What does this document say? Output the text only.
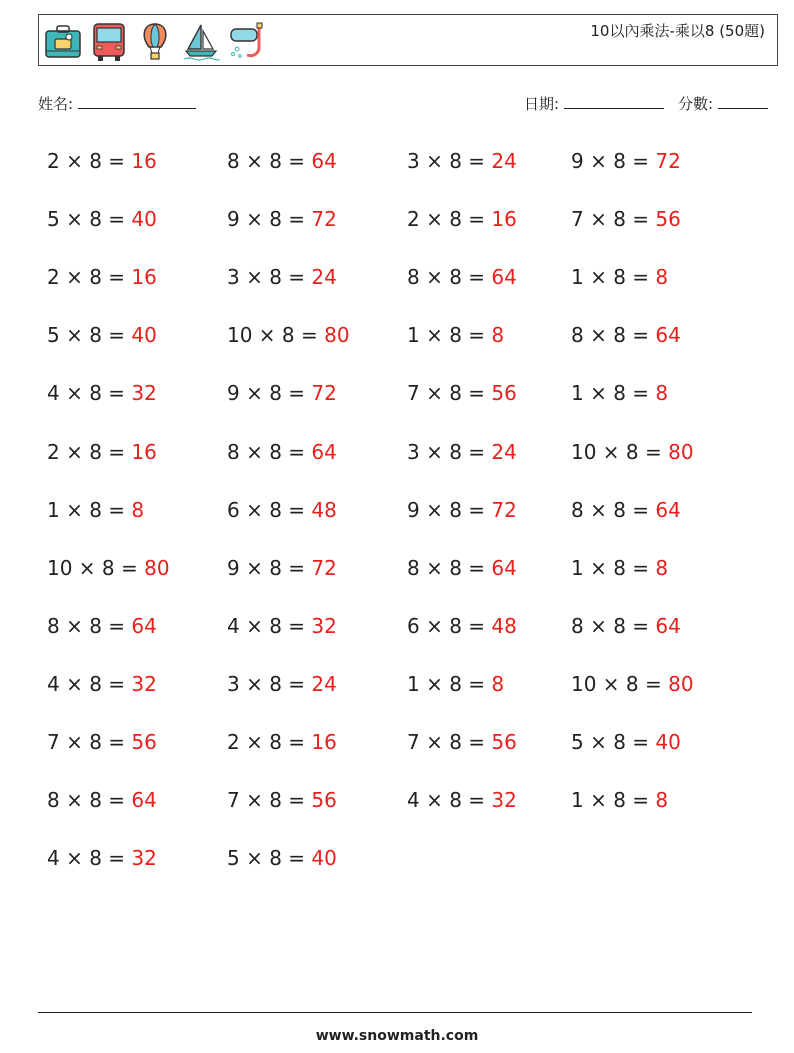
10以內乘法-乘以8 (50題)
姓名:	日期:	分數:
2 × 8 = 16	8 × 8 = 64	3 × 8 = 24	9 × 8 = 72
5 × 8 = 40	9 × 8 = 72	2 × 8 = 16	7 × 8 = 56
2 × 8 = 16	3 × 8 = 24	8 × 8 = 64	1 × 8 = 8
5 × 8 = 40	10 × 8 = 80	1 × 8 = 8	8 × 8 = 64
4 × 8 = 32	9 × 8 = 72	7 × 8 = 56	1 × 8 = 8
2 × 8 = 16	8 × 8 = 64	3 × 8 = 24	10 × 8 = 80
1 × 8 = 8	6 × 8 = 48	9 × 8 = 72	8 × 8 = 64
10 × 8 = 80	9 × 8 = 72	8 × 8 = 64	1 × 8 = 8
8 × 8 = 64	4 × 8 = 32	6 × 8 = 48	8 × 8 = 64
4 × 8 = 32	3 × 8 = 24	1 × 8 = 8	10 × 8 = 80
7 × 8 = 56	2 × 8 = 16	7 × 8 = 56	5 × 8 = 40
8 × 8 = 64	7 × 8 = 56	4 × 8 = 32	1 × 8 = 8
4 × 8 = 32	5 × 8 = 40
www.snowmath.com
